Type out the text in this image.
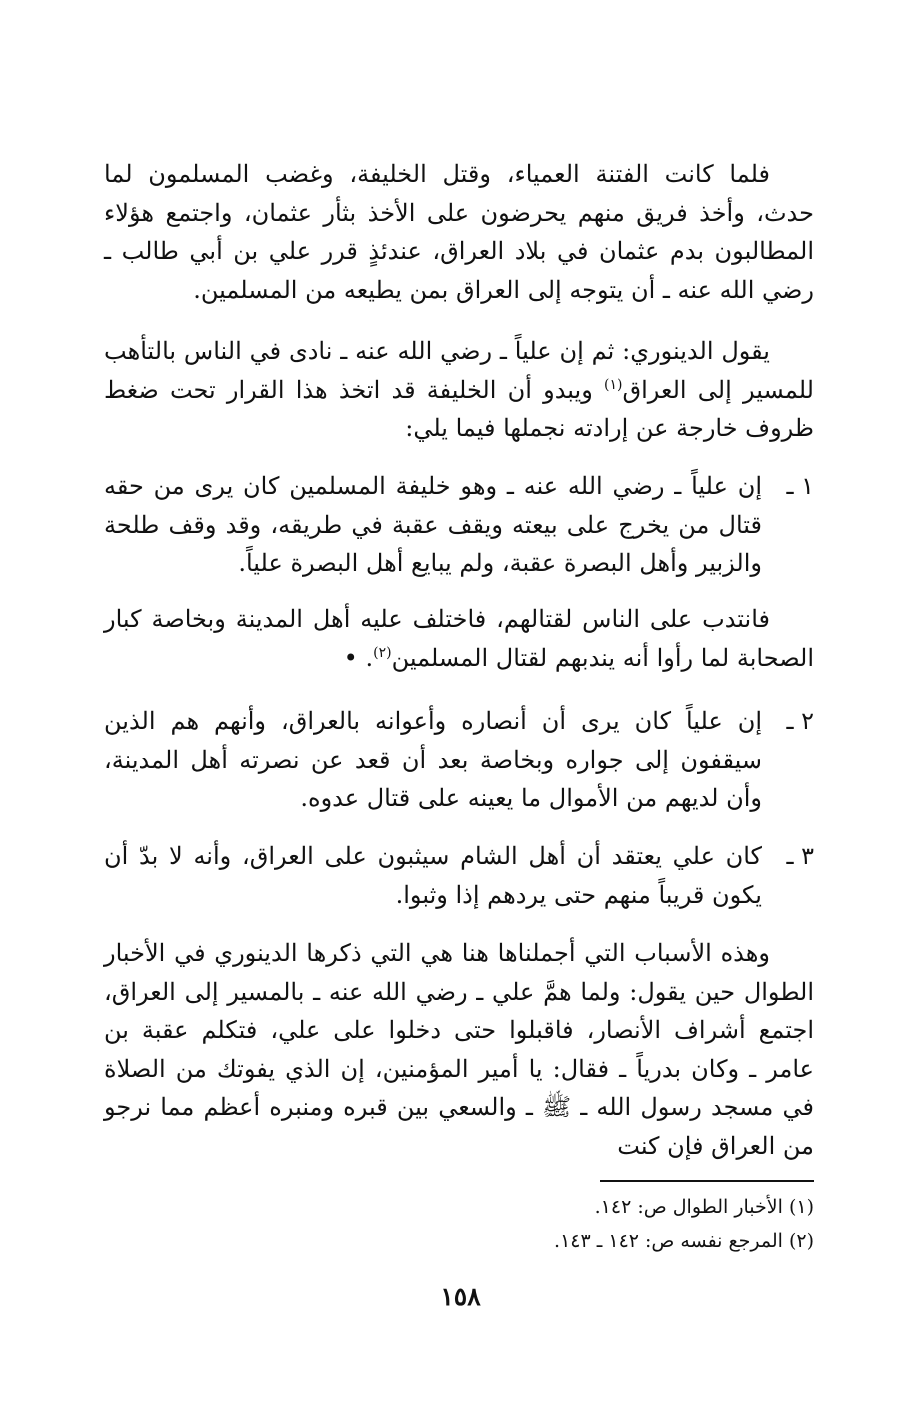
فلما كانت الفتنة العمياء، وقتل الخليفة، وغضب المسلمون لما حدث، وأخذ فريق منهم يحرضون على الأخذ بثأر عثمان، واجتمع هؤلاء المطالبون بدم عثمان في بلاد العراق، عندئذٍ قرر علي بن أبي طالب ـ رضي الله عنه ـ أن يتوجه إلى العراق بمن يطيعه من المسلمين.

يقول الدينوري: ثم إن علياً ـ رضي الله عنه ـ نادى في الناس بالتأهب للمسير إلى العراق$^{(١)}$ ويبدو أن الخليفة قد اتخذ هذا القرار تحت ضغط ظروف خارجة عن إرادته نجملها فيما يلي:

١ ـ

إن علياً ـ رضي الله عنه ـ وهو خليفة المسلمين كان يرى من حقه قتال من يخرج على بيعته ويقف عقبة في طريقه، وقد وقف طلحة والزبير وأهل البصرة عقبة، ولم يبايع أهل البصرة علياً.

فانتدب على الناس لقتالهم، فاختلف عليه أهل المدينة وبخاصة كبار الصحابة لما رأوا أنه يندبهم لقتال المسلمين$^{(٢)}$. •

٢ ـ

إن علياً كان يرى أن أنصاره وأعوانه بالعراق، وأنهم هم الذين سيقفون إلى جواره وبخاصة بعد أن قعد عن نصرته أهل المدينة، وأن لديهم من الأموال ما يعينه على قتال عدوه.

٣ ـ

كان علي يعتقد أن أهل الشام سيثبون على العراق، وأنه لا بدّ أن يكون قريباً منهم حتى يردهم إذا وثبوا.

وهذه الأسباب التي أجملناها هنا هي التي ذكرها الدينوري في الأخبار الطوال حين يقول: ولما همَّ علي ـ رضي الله عنه ـ بالمسير إلى العراق، اجتمع أشراف الأنصار، فاقبلوا حتى دخلوا على علي، فتكلم عقبة بن عامر ـ وكان بدرياً ـ فقال: يا أمير المؤمنين، إن الذي يفوتك من الصلاة في مسجد رسول الله ـ ﷺ ـ والسعي بين قبره ومنبره أعظم مما نرجو من العراق فإن كنت

(١) الأخبار الطوال ص: ١٤٢.

(٢) المرجع نفسه ص: ١٤٢ ـ ١٤٣.

١٥٨
